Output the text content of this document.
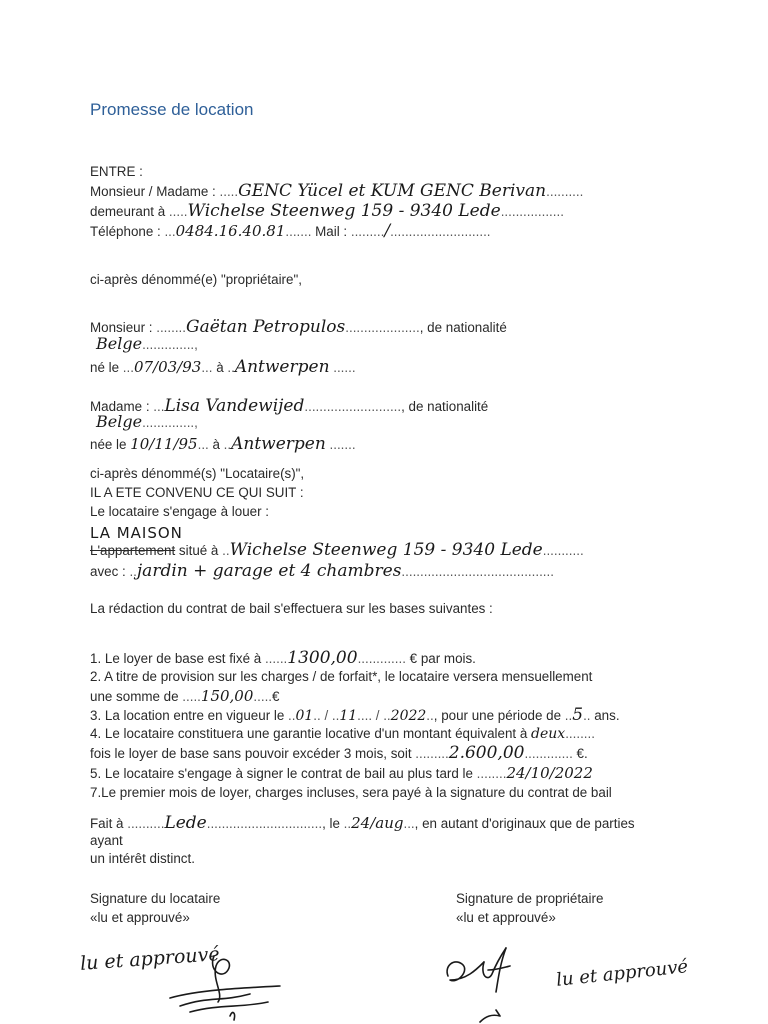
Promesse de location
ENTRE :
Monsieur / Madame : .....GENC Yücel et KUM GENC Berivan..........
demeurant à .....Wichelse Steenweg 159 - 9340 Lede.................
Téléphone : ...0484.16.40.81....... Mail : ........./...........................
ci-après dénommé(e) "propriétaire",
Monsieur : ........Gaëtan Petropulos...................., de nationalité
Belge..............,
né le ...07/03/93... à ..Antwerpen ......
Madame : ...Lisa Vandewijed.........................., de nationalité
Belge..............,
née le 10/11/95... à ..Antwerpen .......
ci-après dénommé(s) "Locataire(s)",
IL A ETE CONVENU CE QUI SUIT :
Le locataire s'engage à louer :
LA MAISON
L'appartement situé à ..Wichelse Steenweg 159 - 9340 Lede...........
avec : ..jardin + garage et 4 chambres.........................................
La rédaction du contrat de bail s'effectuera sur les bases suivantes :
1. Le loyer de base est fixé à ......1300,00............. € par mois.
2. A titre de provision sur les charges / de forfait*, le locataire versera mensuellement
une somme de .....150,00.....€
3. La location entre en vigueur le ..01.. / ..11.... / ..2022.., pour une période de ..5.. ans.
4. Le locataire constituera une garantie locative d'un montant équivalent à deux........
fois le loyer de base sans pouvoir excéder 3 mois, soit .........2.600,00............. €.
5. Le locataire s'engage à signer le contrat de bail au plus tard le ........24/10/2022
7.Le premier mois de loyer, charges incluses, sera payé à la signature du contrat de bail
Fait à ..........Lede..............................., le ..24/aug..., en autant d'originaux que de parties
ayant
un intérêt distinct.
Signature du locataire
«lu et approuvé»
Signature de propriétaire
«lu et approuvé»
lu et approuvé	lu et approuvé
